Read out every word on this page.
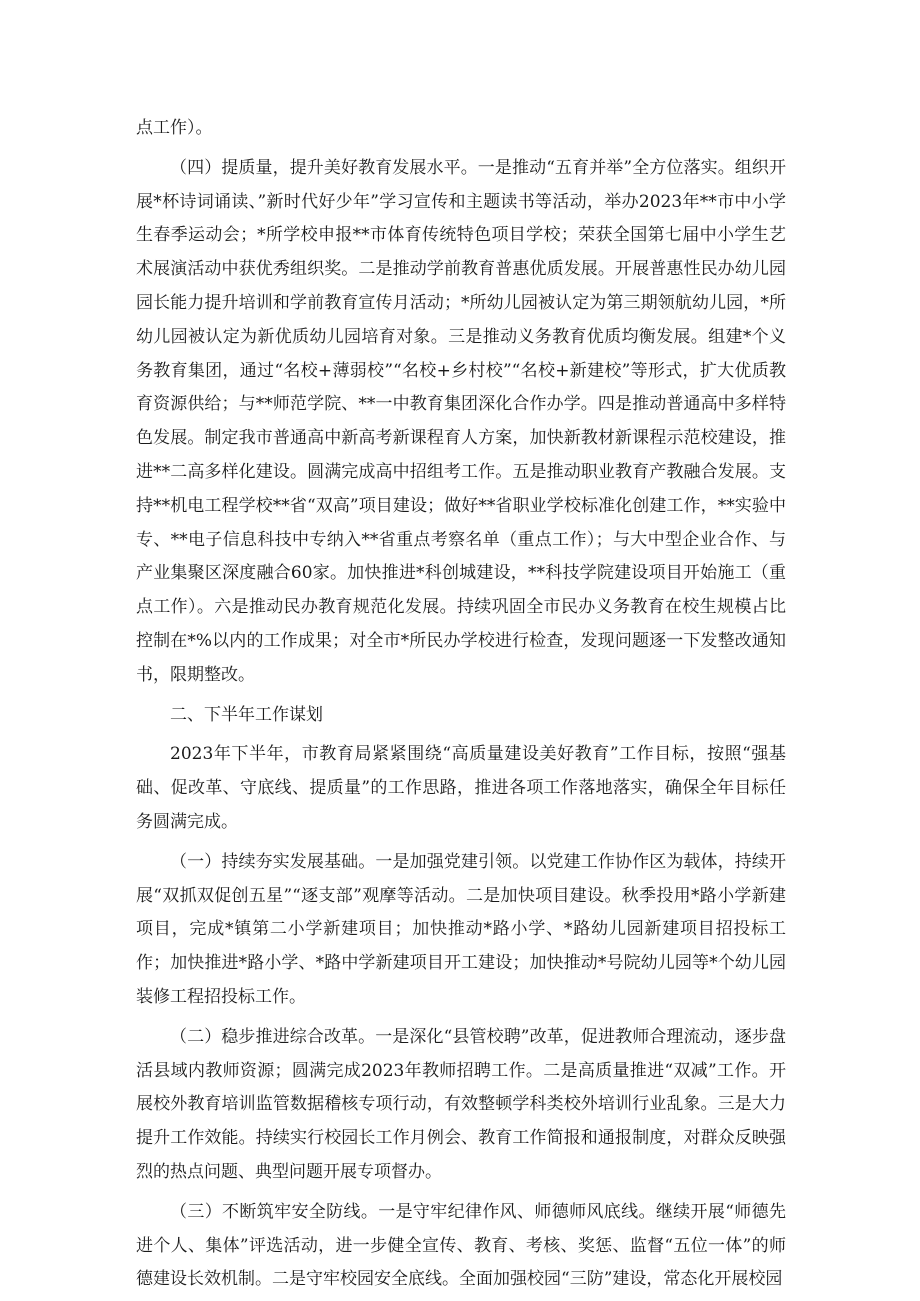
点工作）。

（四）提质量，提升美好教育发展水平。一是推动“五育并举”全方位落实。组织开展*杯诗词诵读、”新时代好少年”学习宣传和主题读书等活动，举办2023年**市中小学生春季运动会；*所学校申报**市体育传统特色项目学校；荣获全国第七届中小学生艺术展演活动中获优秀组织奖。二是推动学前教育普惠优质发展。开展普惠性民办幼儿园园长能力提升培训和学前教育宣传月活动；*所幼儿园被认定为第三期领航幼儿园，*所幼儿园被认定为新优质幼儿园培育对象。三是推动义务教育优质均衡发展。组建*个义务教育集团，通过“名校+薄弱校”“名校+乡村校”“名校+新建校”等形式，扩大优质教育资源供给；与**师范学院、**一中教育集团深化合作办学。四是推动普通高中多样特色发展。制定我市普通高中新高考新课程育人方案，加快新教材新课程示范校建设，推进**二高多样化建设。圆满完成高中招组考工作。五是推动职业教育产教融合发展。支持**机电工程学校**省“双高”项目建设；做好**省职业学校标准化创建工作，**实验中专、**电子信息科技中专纳入**省重点考察名单（重点工作）；与大中型企业合作、与产业集聚区深度融合60家。加快推进*科创城建设，**科技学院建设项目开始施工（重点工作）。六是推动民办教育规范化发展。持续巩固全市民办义务教育在校生规模占比控制在*%以内的工作成果；对全市*所民办学校进行检查，发现问题逐一下发整改通知书，限期整改。

二、下半年工作谋划

2023年下半年，市教育局紧紧围绕“高质量建设美好教育”工作目标，按照“强基础、促改革、守底线、提质量”的工作思路，推进各项工作落地落实，确保全年目标任务圆满完成。

（一）持续夯实发展基础。一是加强党建引领。以党建工作协作区为载体，持续开展“双抓双促创五星”“逐支部”观摩等活动。二是加快项目建设。秋季投用*路小学新建项目，完成*镇第二小学新建项目；加快推动*路小学、*路幼儿园新建项目招投标工作；加快推进*路小学、*路中学新建项目开工建设；加快推动*号院幼儿园等*个幼儿园装修工程招投标工作。

（二）稳步推进综合改革。一是深化“县管校聘”改革，促进教师合理流动，逐步盘活县域内教师资源；圆满完成2023年教师招聘工作。二是高质量推进“双减”工作。开展校外教育培训监管数据稽核专项行动，有效整顿学科类校外培训行业乱象。三是大力提升工作效能。持续实行校园长工作月例会、教育工作简报和通报制度，对群众反映强烈的热点问题、典型问题开展专项督办。

（三）不断筑牢安全防线。一是守牢纪律作风、师德师风底线。继续开展“师德先进个人、集体”评选活动，进一步健全宣传、教育、考核、奖惩、监督“五位一体”的师德建设长效机制。二是守牢校园安全底线。全面加强校园“三防”建设，常态化开展校园
